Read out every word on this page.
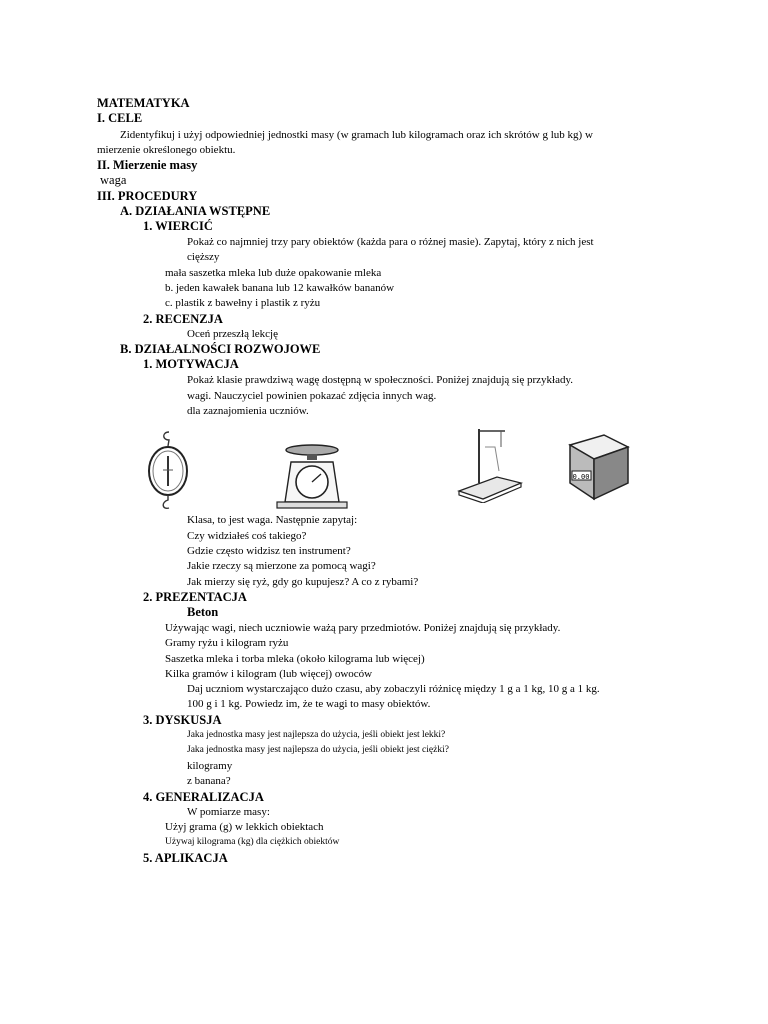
MATEMATYKA
I. CELE
Zidentyfikuj i użyj odpowiedniej jednostki masy (w gramach lub kilogramach oraz ich skrótów g lub kg) w
mierzenie określonego obiektu.
II. Mierzenie masy
waga
III. PROCEDURY
A. DZIAŁANIA WSTĘPNE
1. WIERCIĆ
Pokaż co najmniej trzy pary obiektów (każda para o różnej masie). Zapytaj, który z nich jest
cięższy
mała saszetka mleka lub duże opakowanie mleka
b. jeden kawałek banana lub 12 kawałków bananów
c. plastik z bawełny i plastik z ryżu
2. RECENZJA
Oceń przeszłą lekcję
B. DZIAŁALNOŚCI ROZWOJOWE
1. MOTYWACJA
Pokaż klasie prawdziwą wagę dostępną w społeczności. Poniżej znajdują się przykłady.
wagi. Nauczyciel powinien pokazać zdjęcia innych wag.
dla zaznajomienia uczniów.
0.00
Klasa, to jest waga. Następnie zapytaj:
Czy widziałeś coś takiego?
Gdzie często widzisz ten instrument?
Jakie rzeczy są mierzone za pomocą wagi?
Jak mierzy się ryż, gdy go kupujesz? A co z rybami?
2. PREZENTACJA
Beton
Używając wagi, niech uczniowie ważą pary przedmiotów. Poniżej znajdują się przykłady.
Gramy ryżu i kilogram ryżu
Saszetka mleka i torba mleka (około kilograma lub więcej)
Kilka gramów i kilogram (lub więcej) owoców
Daj uczniom wystarczająco dużo czasu, aby zobaczyli różnicę między 1 g a 1 kg, 10 g a 1 kg.
100 g i 1 kg. Powiedz im, że te wagi to masy obiektów.
3. DYSKUSJA
Jaka jednostka masy jest najlepsza do użycia, jeśli obiekt jest lekki?
Jaka jednostka masy jest najlepsza do użycia, jeśli obiekt jest ciężki?
kilogramy
z banana?
4. GENERALIZACJA
W pomiarze masy:
Użyj grama (g) w lekkich obiektach
Używaj kilograma (kg) dla ciężkich obiektów
5. APLIKACJA
